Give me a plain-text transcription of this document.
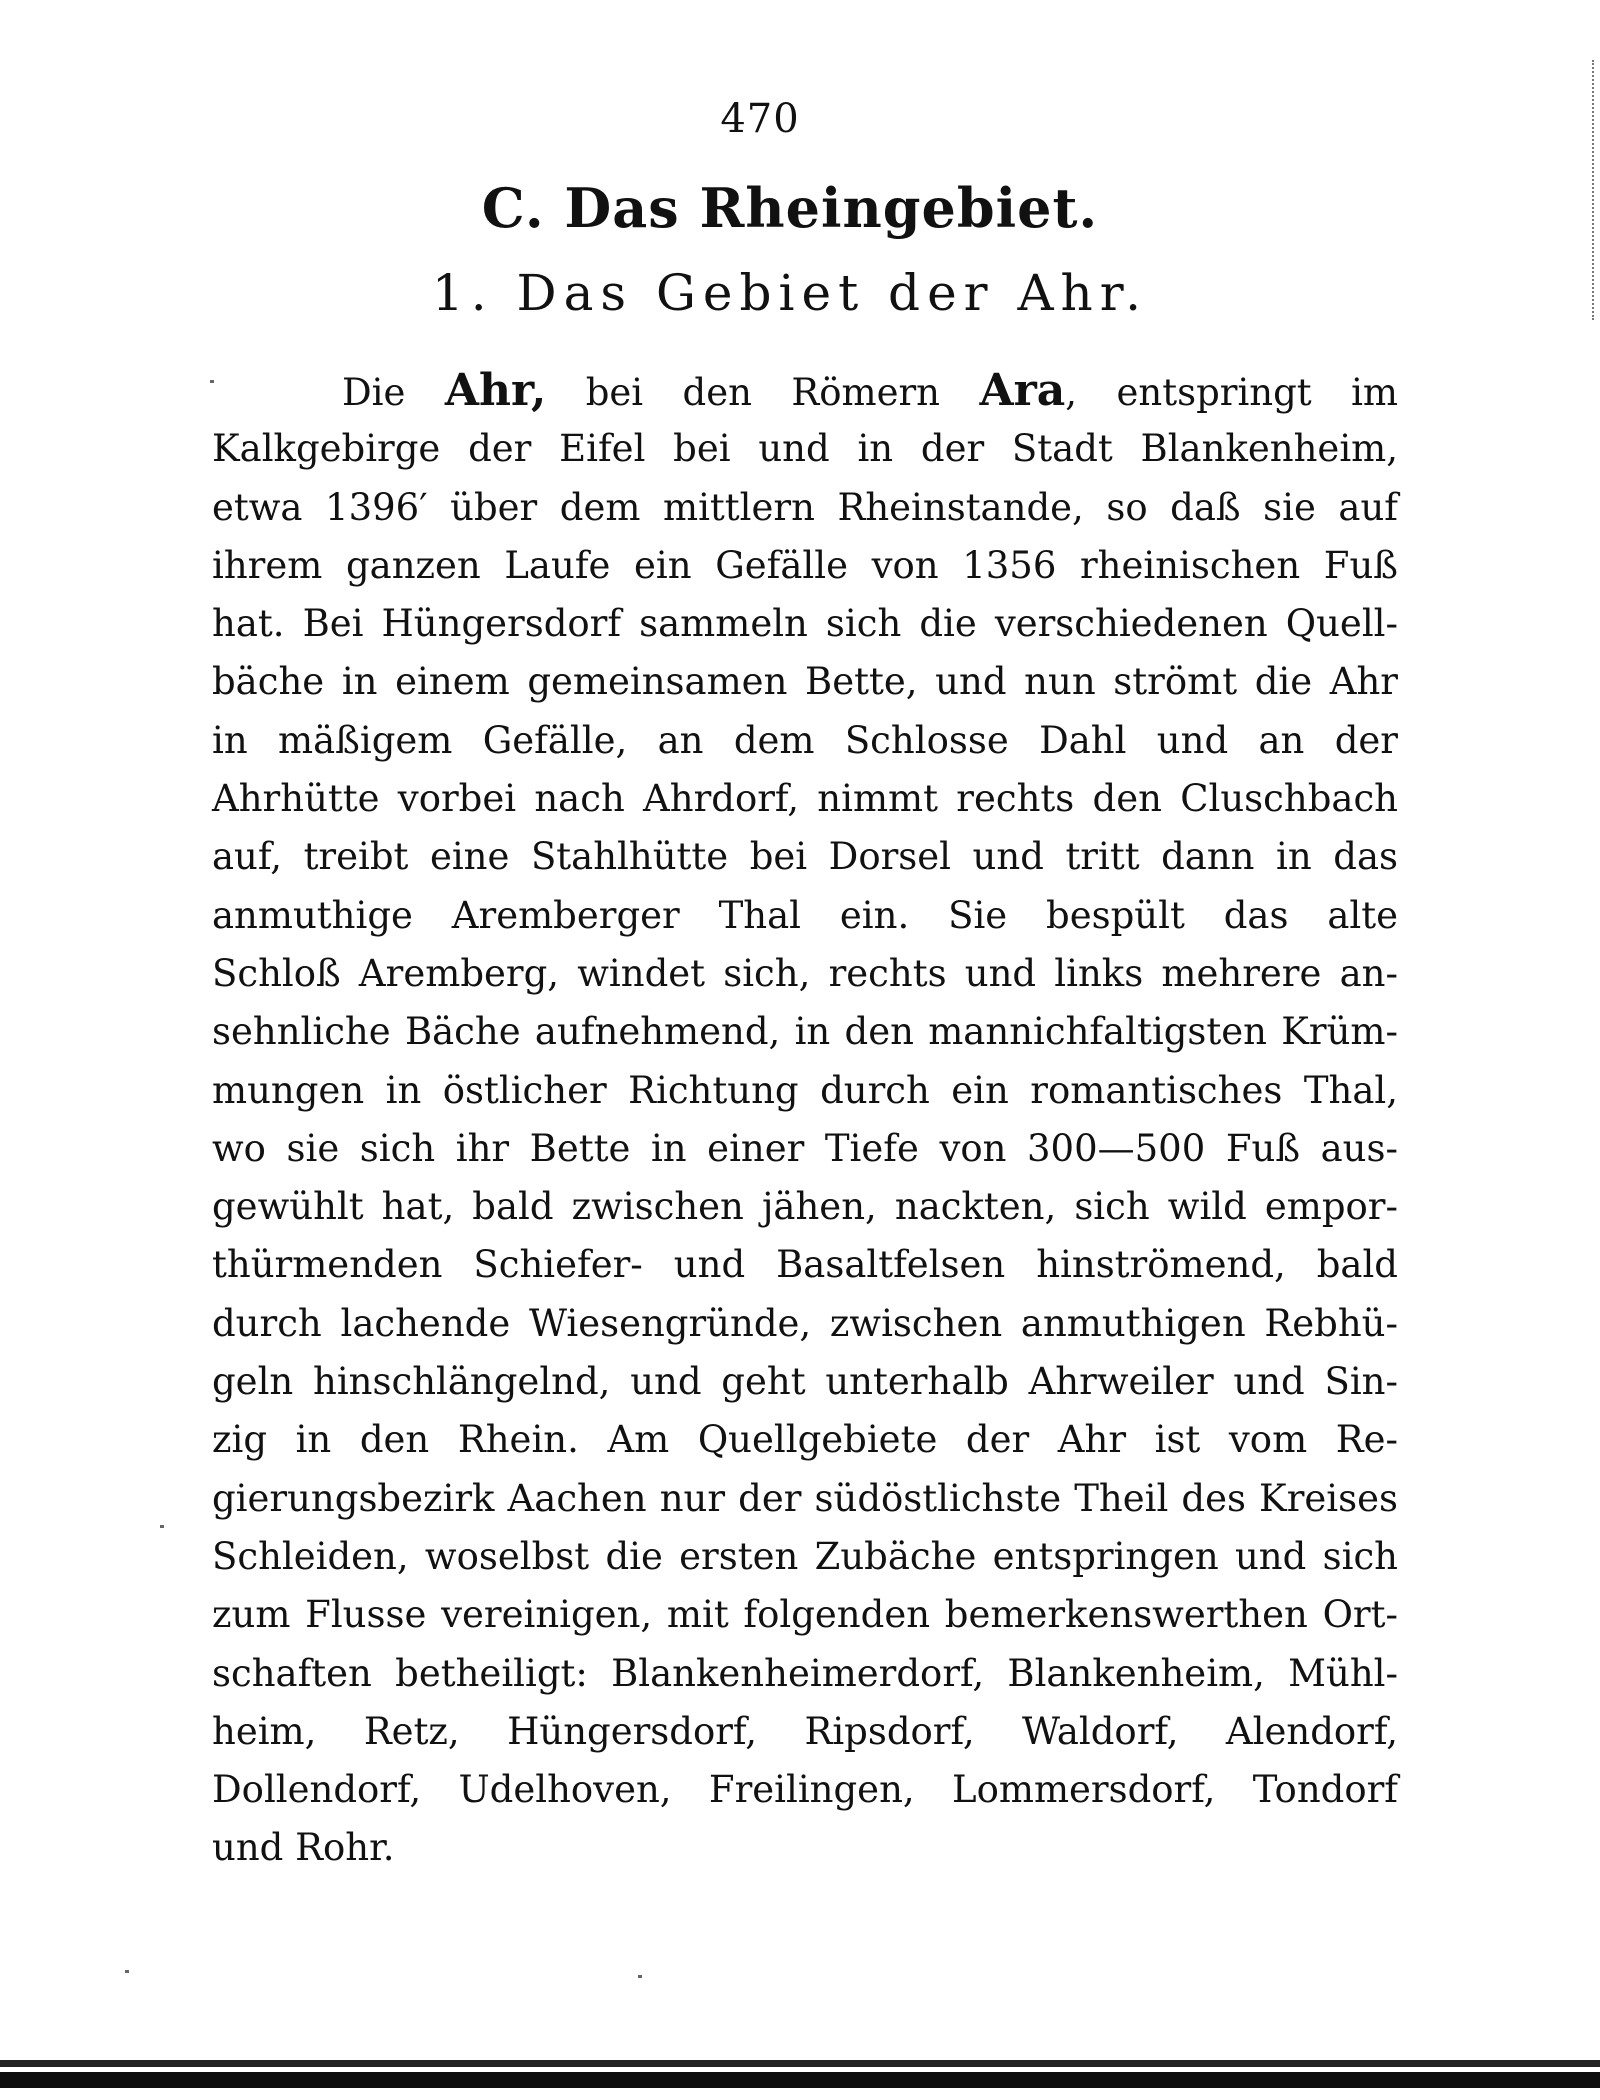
470
C. Das Rheingebiet.
1. Das Gebiet der Ahr.
Die Ahr, bei den Römern Ara, entspringt im
Kalkgebirge der Eifel bei und in der Stadt Blankenheim,
etwa 1396′ über dem mittlern Rheinstande, so daß sie auf
ihrem ganzen Laufe ein Gefälle von 1356 rheinischen Fuß
hat. Bei Hüngersdorf sammeln sich die verschiedenen Quell-
bäche in einem gemeinsamen Bette, und nun strömt die Ahr
in mäßigem Gefälle, an dem Schlosse Dahl und an der
Ahrhütte vorbei nach Ahrdorf, nimmt rechts den Cluschbach
auf, treibt eine Stahlhütte bei Dorsel und tritt dann in das
anmuthige Aremberger Thal ein. Sie bespült das alte
Schloß Aremberg, windet sich, rechts und links mehrere an-
sehnliche Bäche aufnehmend, in den mannichfaltigsten Krüm-
mungen in östlicher Richtung durch ein romantisches Thal,
wo sie sich ihr Bette in einer Tiefe von 300—500 Fuß aus-
gewühlt hat, bald zwischen jähen, nackten, sich wild empor-
thürmenden Schiefer- und Basaltfelsen hinströmend, bald
durch lachende Wiesengründe, zwischen anmuthigen Rebhü-
geln hinschlängelnd, und geht unterhalb Ahrweiler und Sin-
zig in den Rhein. Am Quellgebiete der Ahr ist vom Re-
gierungsbezirk Aachen nur der südöstlichste Theil des Kreises
Schleiden, woselbst die ersten Zubäche entspringen und sich
zum Flusse vereinigen, mit folgenden bemerkenswerthen Ort-
schaften betheiligt: Blankenheimerdorf, Blankenheim, Mühl-
heim, Retz, Hüngersdorf, Ripsdorf, Waldorf, Alendorf,
Dollendorf, Udelhoven, Freilingen, Lommersdorf, Tondorf
und Rohr.
